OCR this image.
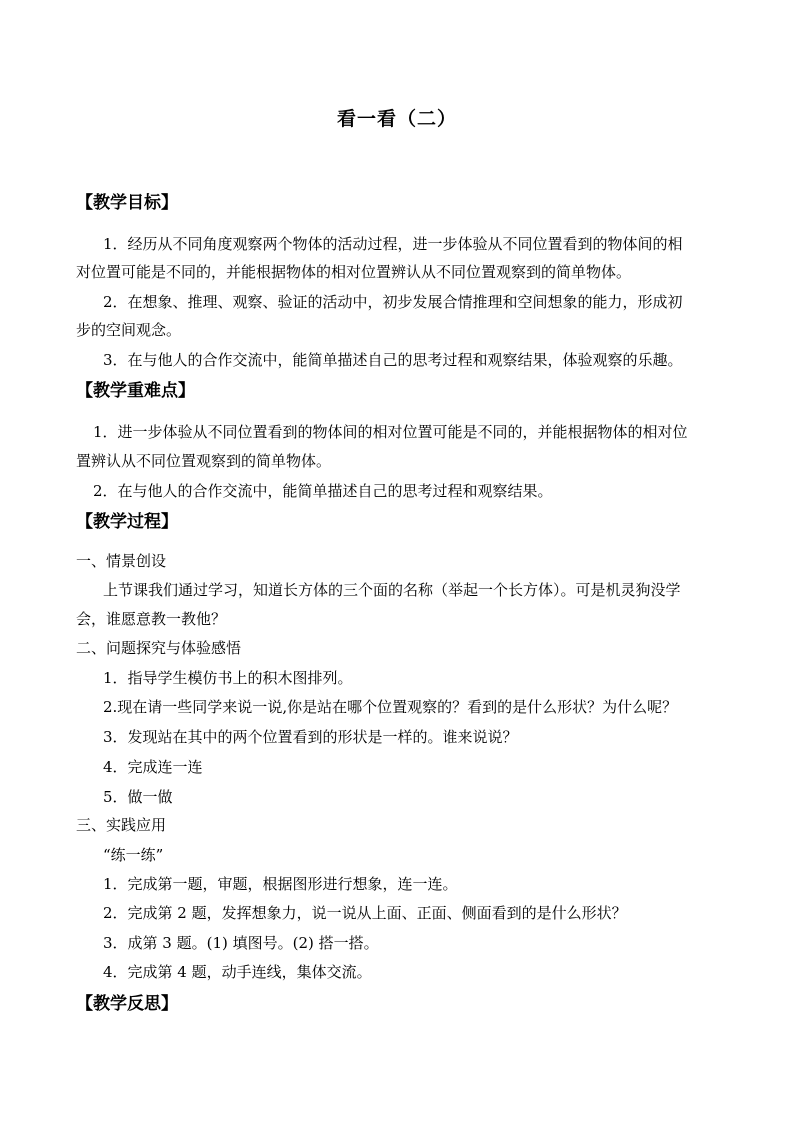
看一看（二）
【教学目标】
1．经历从不同角度观察两个物体的活动过程，进一步体验从不同位置看到的物体间的相
对位置可能是不同的，并能根据物体的相对位置辨认从不同位置观察到的简单物体。
2．在想象、推理、观察、验证的活动中，初步发展合情推理和空间想象的能力，形成初
步的空间观念。
3．在与他人的合作交流中，能简单描述自己的思考过程和观察结果，体验观察的乐趣。
【教学重难点】
1．进一步体验从不同位置看到的物体间的相对位置可能是不同的，并能根据物体的相对位
置辨认从不同位置观察到的简单物体。
2．在与他人的合作交流中，能简单描述自己的思考过程和观察结果。
【教学过程】
一、情景创设
上节课我们通过学习，知道长方体的三个面的名称（举起一个长方体）。可是机灵狗没学
会，谁愿意教一教他？
二、问题探究与体验感悟
1．指导学生模仿书上的积木图排列。
2.现在请一些同学来说一说,你是站在哪个位置观察的？看到的是什么形状？为什么呢？
3．发现站在其中的两个位置看到的形状是一样的。谁来说说？
4．完成连一连
5．做一做
三、实践应用
“练一练”
1．完成第一题，审题，根据图形进行想象，连一连。
2．完成第 2 题，发挥想象力，说一说从上面、正面、侧面看到的是什么形状？
3．成第 3 题。(1) 填图号。(2) 搭一搭。
4．完成第 4 题，动手连线，集体交流。
【教学反思】
